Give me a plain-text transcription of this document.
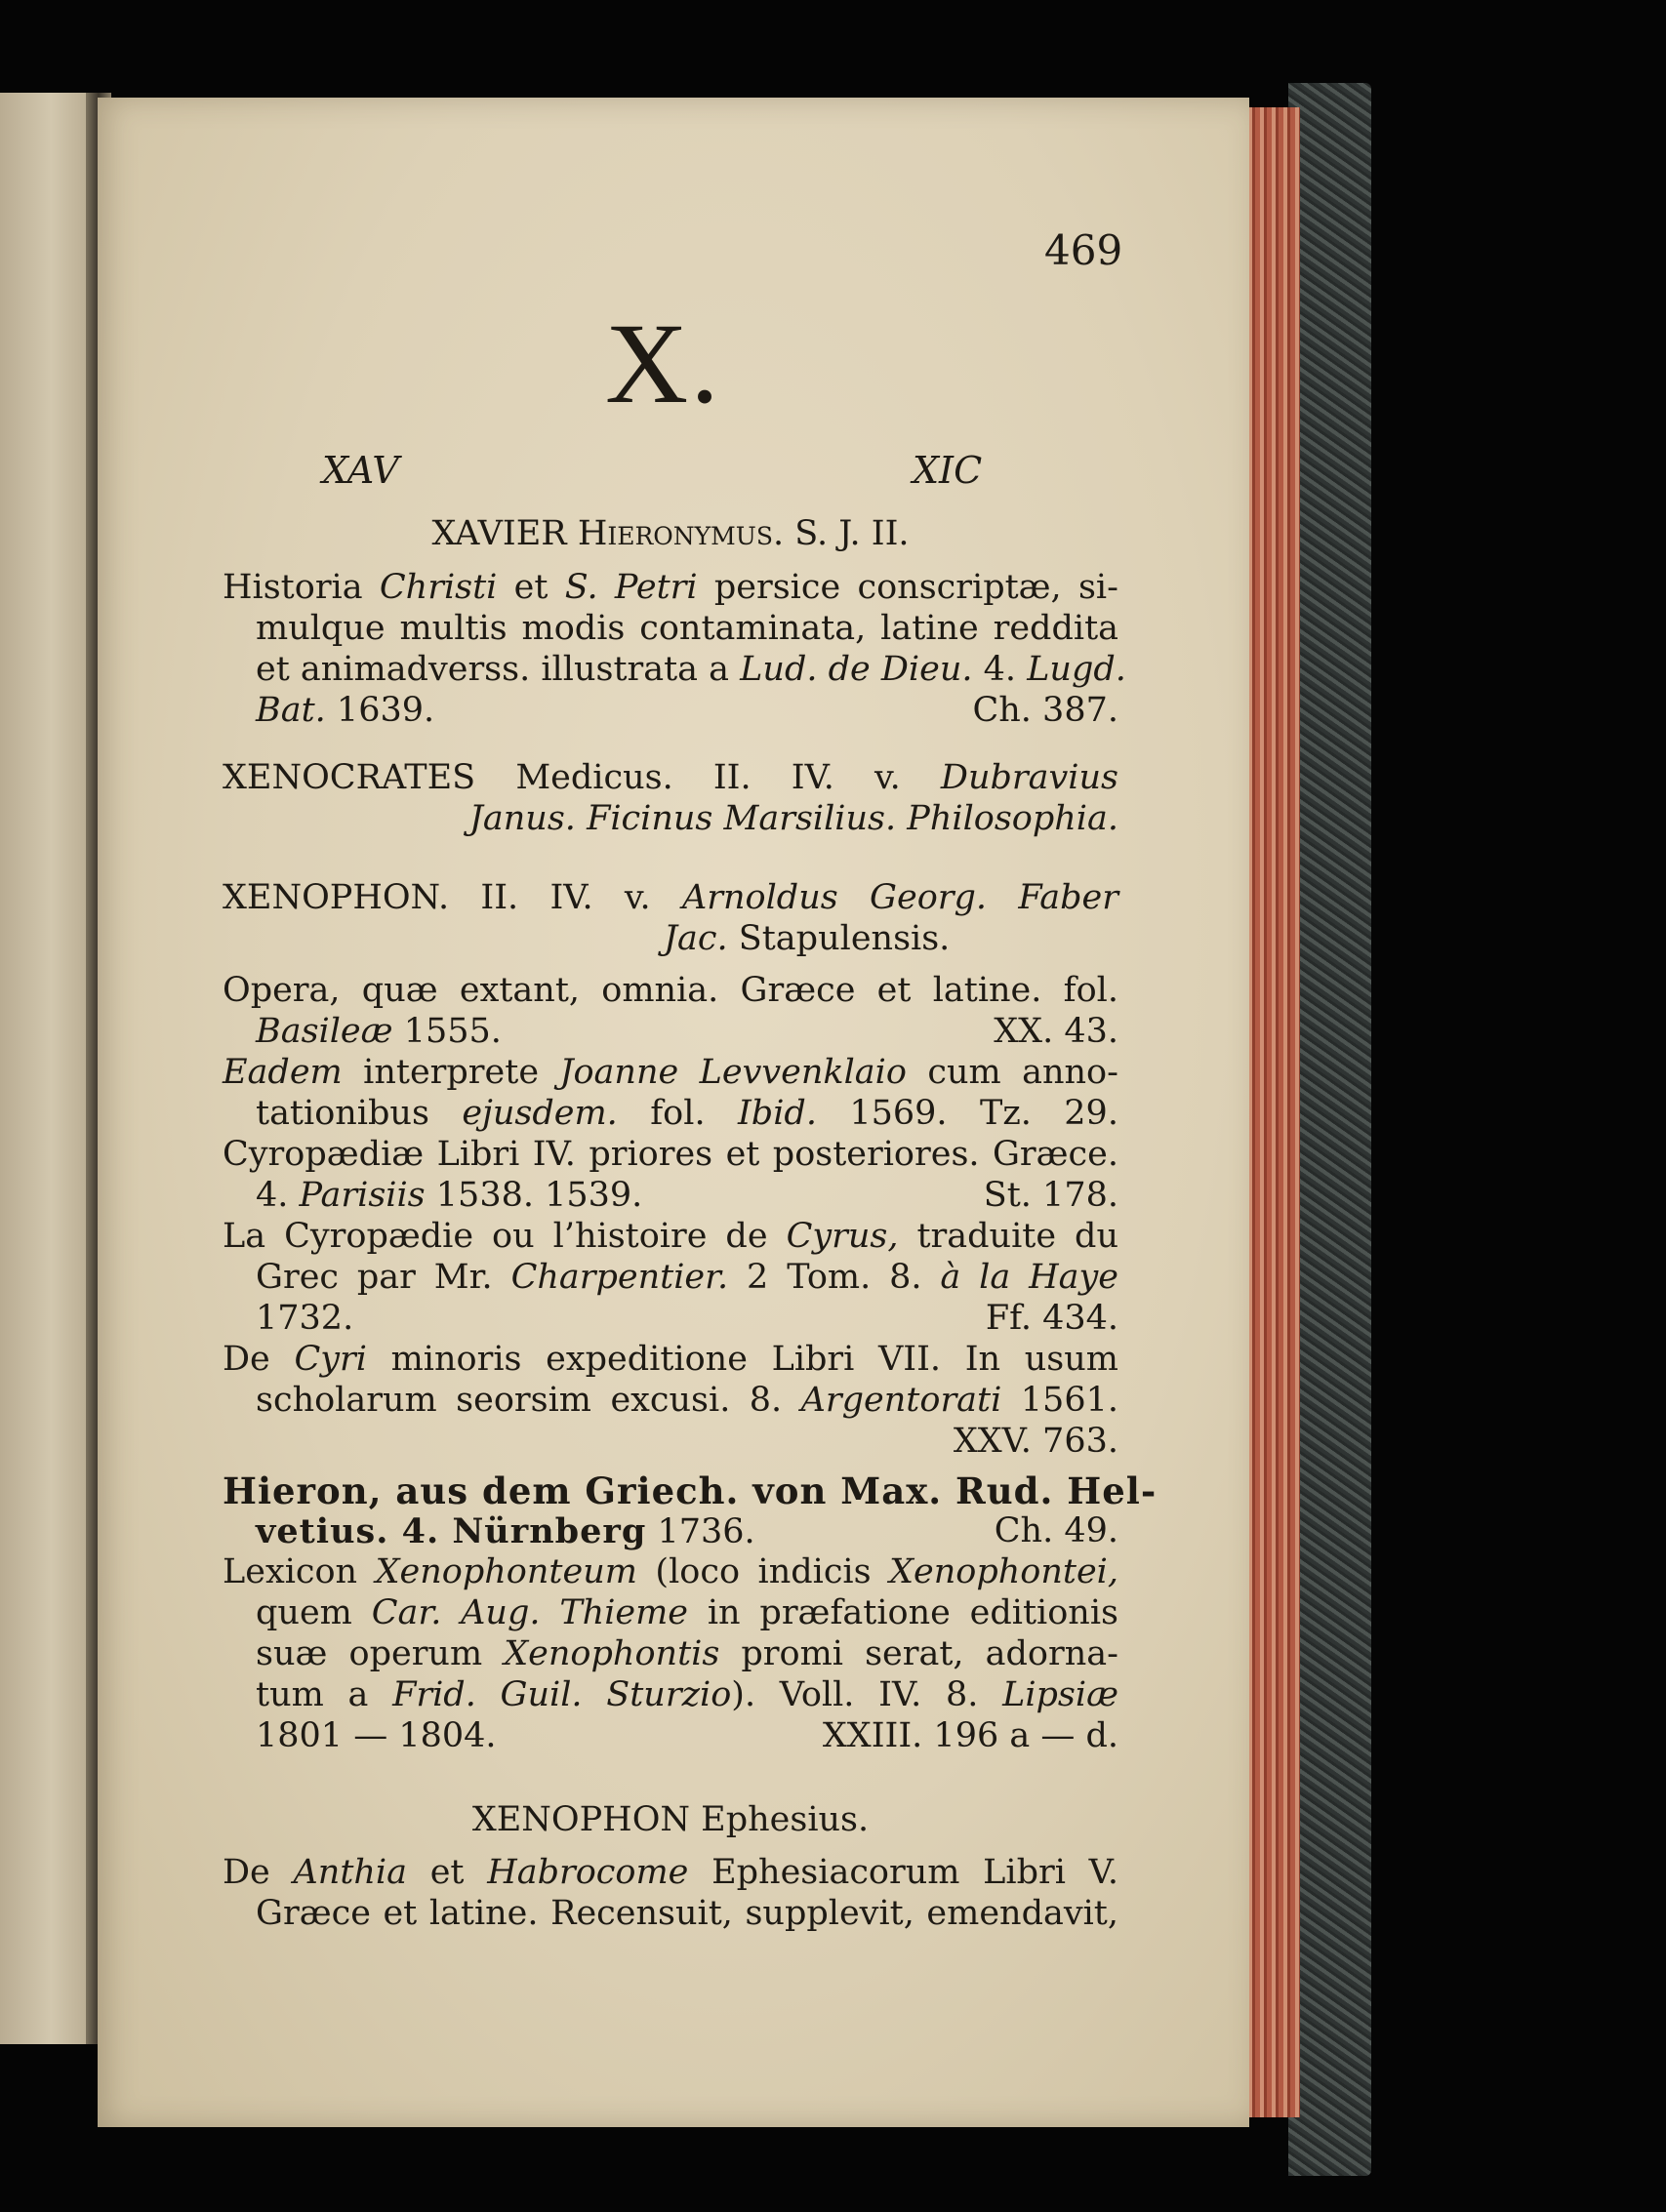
469
X.
XAV	XIC
XAVIER Hieronymus. S. J. II.
Historia Christi et S. Petri persice conscriptæ, si-
mulque multis modis contaminata, latine reddita
et animadverss. illustrata a Lud. de Dieu. 4. Lugd.
Bat. 1639.	Ch. 387.
XENOCRATES Medicus. II. IV. v. Dubravius
Janus. Ficinus Marsilius. Philosophia.
XENOPHON. II. IV. v. Arnoldus Georg. Faber
Jac. Stapulensis.
Opera, quæ extant, omnia. Græce et latine. fol.
Basileæ 1555.	XX. 43.
Eadem interprete Joanne Levvenklaio cum anno-
tationibus ejusdem. fol. Ibid. 1569. Tz. 29.
Cyropædiæ Libri IV. priores et posteriores. Græce.
4. Parisiis 1538. 1539.	St. 178.
La Cyropædie ou l’histoire de Cyrus, traduite du
Grec par Mr. Charpentier. 2 Tom. 8. à la Haye
1732.	Ff. 434.
De Cyri minoris expeditione Libri VII. In usum
scholarum seorsim excusi. 8. Argentorati 1561.
XXV. 763.
Hieron, aus dem Griech. von Max. Rud. Hel-
vetius. 4. Nürnberg 1736.	Ch. 49.
Lexicon Xenophonteum (loco indicis Xenophontei,
quem Car. Aug. Thieme in præfatione editionis
suæ operum Xenophontis promi serat, adorna-
tum a Frid. Guil. Sturzio). Voll. IV. 8. Lipsiæ
1801 — 1804.	XXIII. 196 a — d.
XENOPHON Ephesius.
De Anthia et Habrocome Ephesiacorum Libri V.
Græce et latine. Recensuit, supplevit, emendavit,
